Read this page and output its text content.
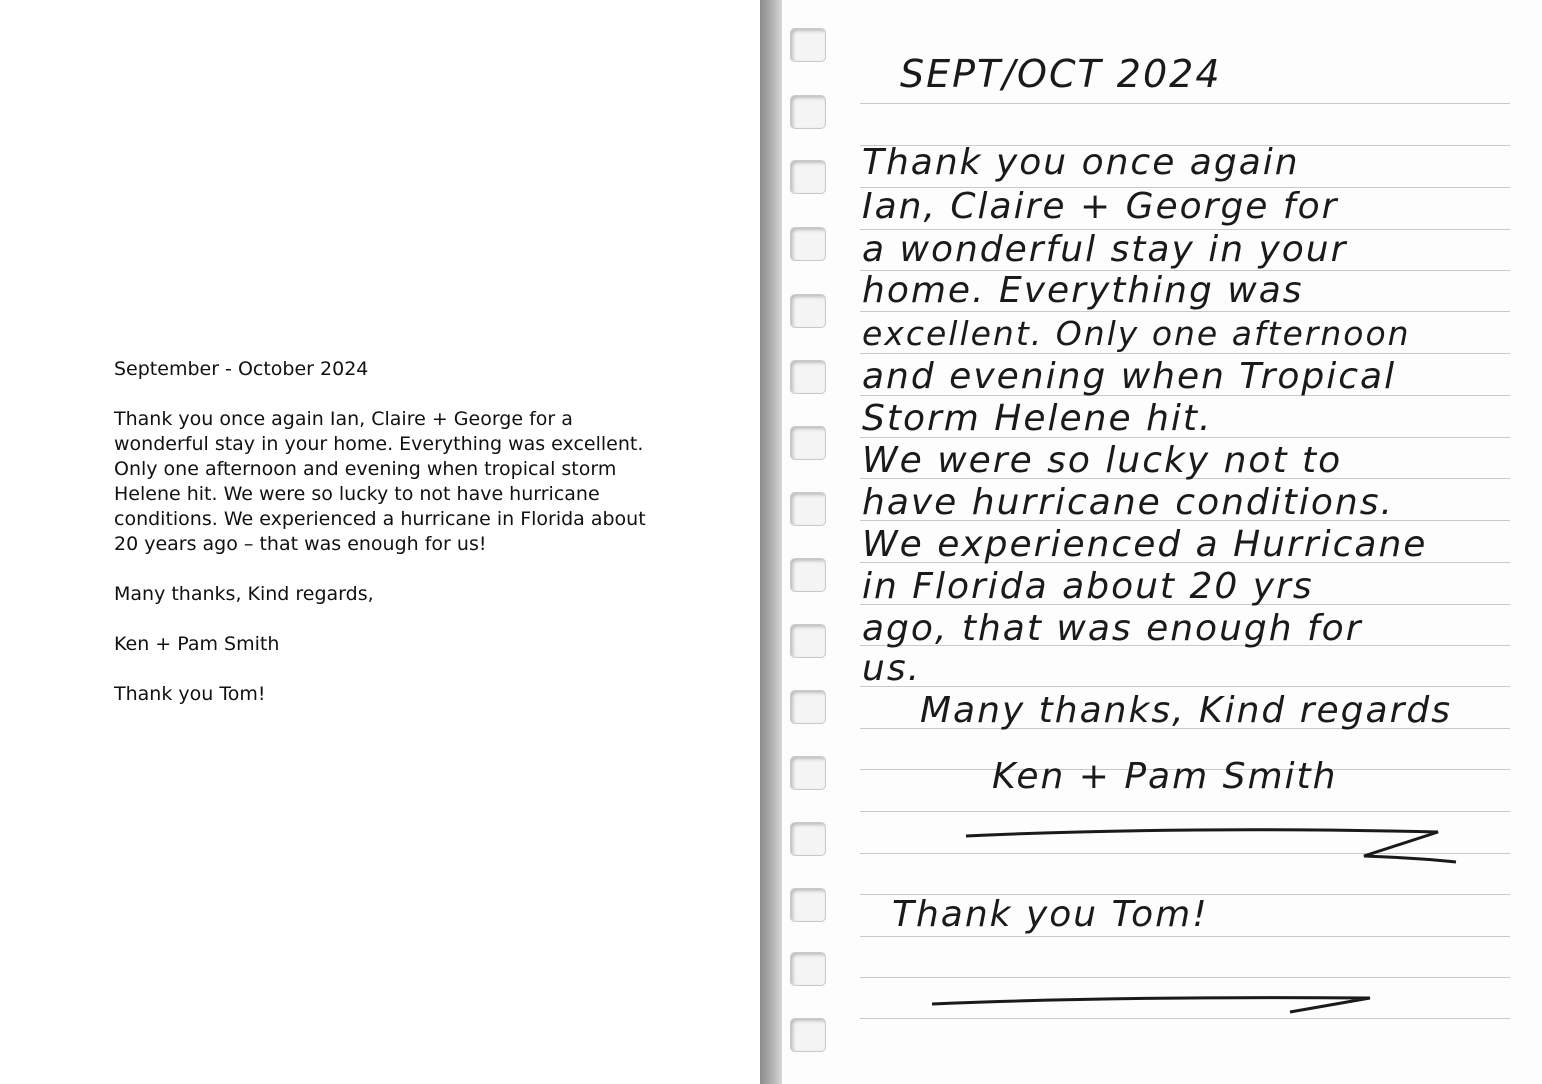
September - October 2024

Thank you once again Ian, Claire + George for a wonderful stay in your home. Everything was excellent. Only one afternoon and evening when tropical storm Helene hit. We were so lucky to not have hurricane conditions. We experienced a hurricane in Florida about 20 years ago – that was enough for us!

Many thanks, Kind regards,

Ken + Pam Smith

Thank you Tom!

SEPT/OCT 2024
Thank you once again
Ian, Claire + George for
a wonderful stay in your
home. Everything was
excellent. Only one afternoon
and evening when Tropical
Storm Helene hit.
We were so lucky not to
have hurricane conditions.
We experienced a Hurricane
in Florida about 20 yrs
ago, that was enough for
us.
Many thanks, Kind regards
Ken + Pam Smith
Thank you Tom!
